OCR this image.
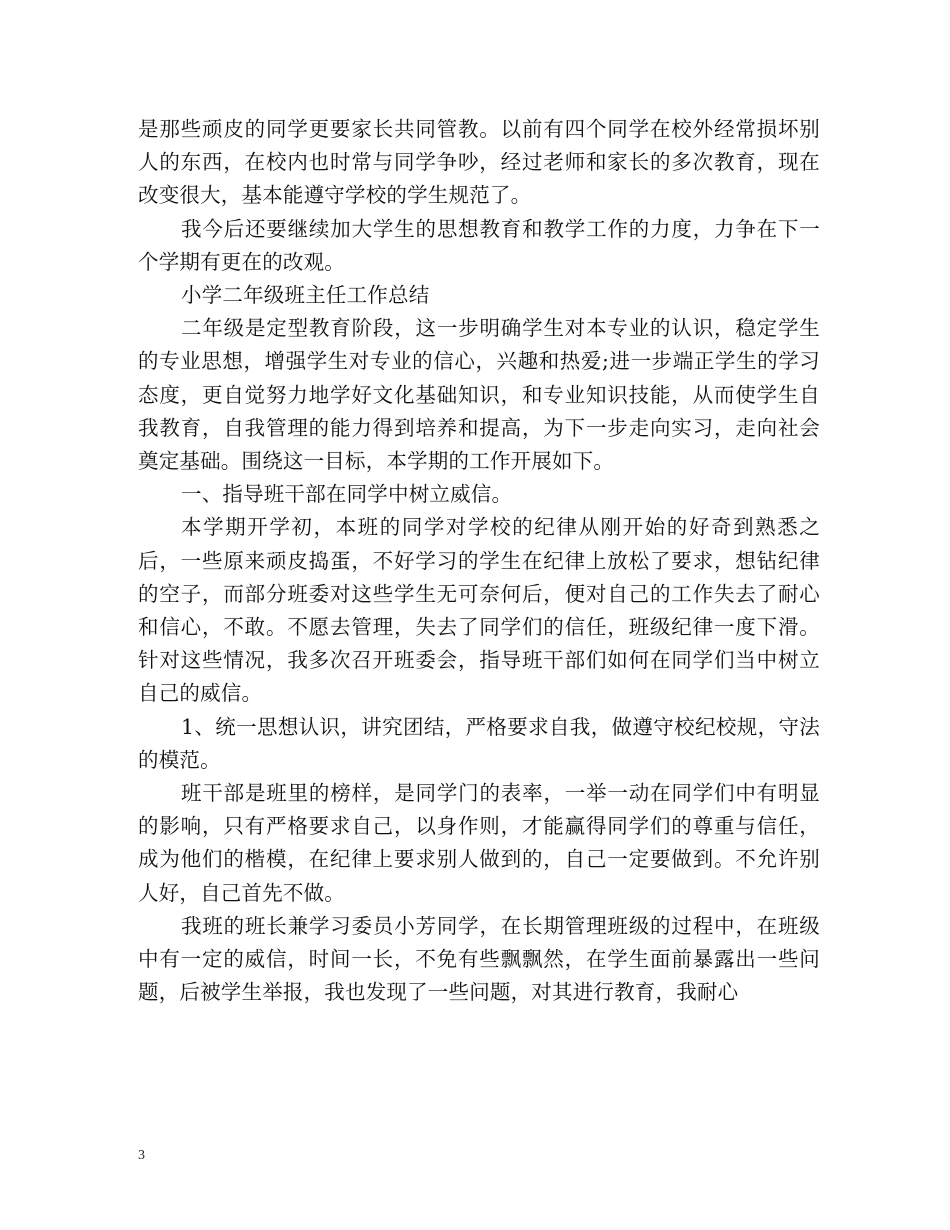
是那些顽皮的同学更要家长共同管教。以前有四个同学在校外经常损坏别人的东西，在校内也时常与同学争吵，经过老师和家长的多次教育，现在改变很大，基本能遵守学校的学生规范了。

我今后还要继续加大学生的思想教育和教学工作的力度，力争在下一个学期有更在的改观。

小学二年级班主任工作总结

二年级是定型教育阶段，这一步明确学生对本专业的认识，稳定学生的专业思想，增强学生对专业的信心，兴趣和热爱;进一步端正学生的学习态度，更自觉努力地学好文化基础知识，和专业知识技能，从而使学生自我教育，自我管理的能力得到培养和提高，为下一步走向实习，走向社会奠定基础。围绕这一目标，本学期的工作开展如下。

一、指导班干部在同学中树立威信。

本学期开学初，本班的同学对学校的纪律从刚开始的好奇到熟悉之后，一些原来顽皮捣蛋，不好学习的学生在纪律上放松了要求，想钻纪律的空子，而部分班委对这些学生无可奈何后，便对自己的工作失去了耐心和信心，不敢。不愿去管理，失去了同学们的信任，班级纪律一度下滑。针对这些情况，我多次召开班委会，指导班干部们如何在同学们当中树立自己的威信。

1、统一思想认识，讲究团结，严格要求自我，做遵守校纪校规，守法的模范。

班干部是班里的榜样，是同学门的表率，一举一动在同学们中有明显的影响，只有严格要求自己，以身作则，才能赢得同学们的尊重与信任，成为他们的楷模，在纪律上要求别人做到的，自己一定要做到。不允许别人好，自己首先不做。

我班的班长兼学习委员小芳同学，在长期管理班级的过程中，在班级中有一定的威信，时间一长，不免有些飘飘然，在学生面前暴露出一些问题，后被学生举报，我也发现了一些问题，对其进行教育，我耐心

3
